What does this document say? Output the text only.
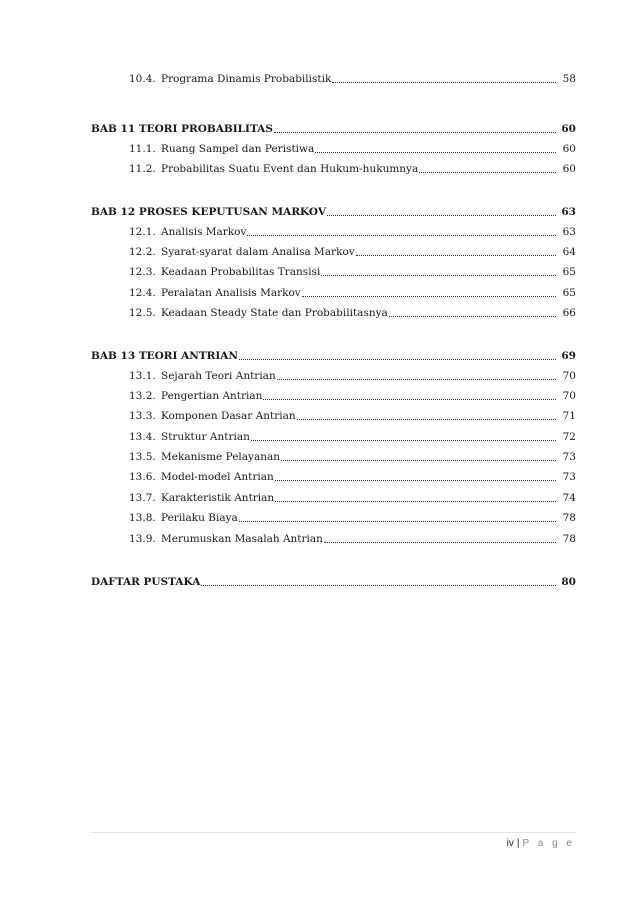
10.4. Programa Dinamis Probabilistik	58
BAB 11 TEORI PROBABILITAS	60
11.1. Ruang Sampel dan Peristiwa	60
11.2. Probabilitas Suatu Event dan Hukum-hukumnya	60
BAB 12 PROSES KEPUTUSAN MARKOV	63
12.1. Analisis Markov	63
12.2. Syarat-syarat dalam Analisa Markov	64
12.3. Keadaan Probabilitas Transisi	65
12.4. Peralatan Analisis Markov	65
12.5. Keadaan Steady State dan Probabilitasnya	66
BAB 13 TEORI ANTRIAN	69
13.1. Sejarah Teori Antrian	70
13.2. Pengertian Antrian	70
13.3. Komponen Dasar Antrian	71
13.4. Struktur Antrian	72
13.5. Mekanisme Pelayanan	73
13.6. Model-model Antrian	73
13.7. Karakteristik Antrian	74
13.8. Perilaku Biaya	78
13.9. Merumuskan Masalah Antrian	78
DAFTAR PUSTAKA	80
iv | P a g e
